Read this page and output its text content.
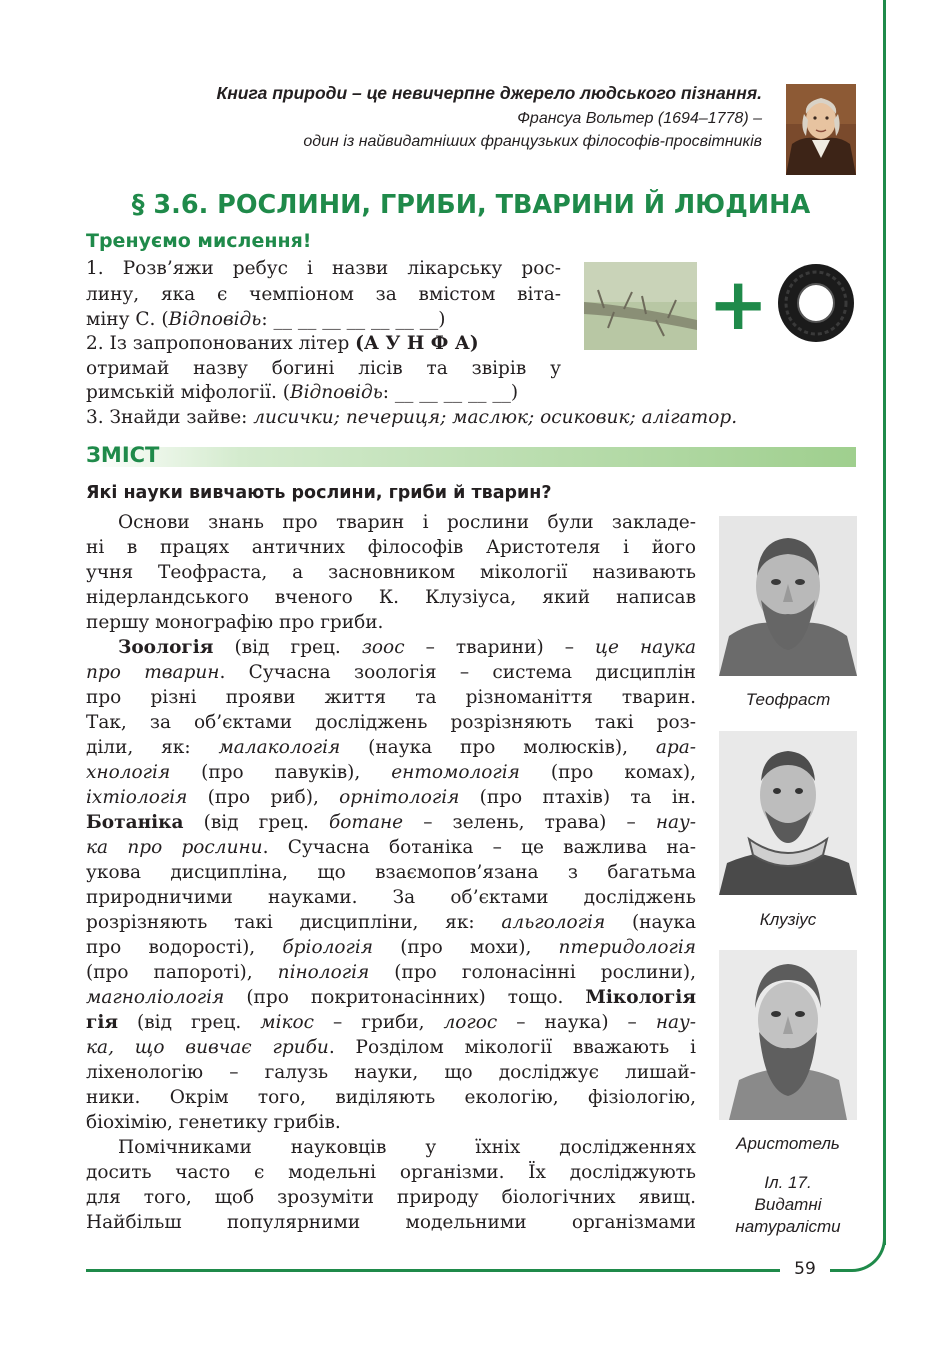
59
Книга природи – це невичерпне джерело людського пізнання.
Франсуа Вольтер (1694–1778) –
один із найвидатніших французьких філософів-просвітників
§ 3.6. РОСЛИНИ, ГРИБИ, ТВАРИНИ Й ЛЮДИНА
Тренуємо мислення!
1. Розв’яжи ребус і назви лікарську рос-
лину, яка є чемпіоном за вмістом віта-
міну С. (Відповідь: __ __ __ __ __ __ __)
2. Із запропонованих літер (А У Н Ф А)
отримай назву богині лісів та звірів у
римській міфології. (Відповідь: __ __ __ __ __)
3. Знайди зайве: лисички; печериця; маслюк; осиковик; алігатор.
+
ЗМІСТ
Які науки вивчають рослини, гриби й тварин?
Основи знань про тварин і рослини були закладе-
ні в працях античних філософів Аристотеля і його
учня Теофраста, а засновником мікології називають
нідерландського вченого К. Клузіуса, який написав
першу монографію про гриби.
Зоологія (від грец. зоос – тварини) – це наука
про тварин. Сучасна зоологія – система дисциплін
про різні прояви життя та різноманіття тварин.
Так, за об’єктами досліджень розрізняють такі роз-
діли, як: малакологія (наука про молюсків), ара-
хнологія (про павуків), ентомологія (про комах),
іхтіологія (про риб), орнітологія (про птахів) та ін.
Ботаніка (від грец. ботане – зелень, трава) – нау-
ка про рослини. Сучасна ботаніка – це важлива на-
укова дисципліна, що взаємопов’язана з багатьма
природничими науками. За об’єктами досліджень
розрізняють такі дисципліни, як: альгологія (наука
про водорості), бріологія (про мохи), птеридологія
(про папороті), пінологія (про голонасінні рослини),
магноліологія (про покритонасінних) тощо. Мікологія
гія (від грец. мікос – гриби, логос – наука) – нау-
ка, що вивчає гриби. Розділом мікології вважають і
ліхенологію – галузь науки, що досліджує лишай-
ники. Окрім того, виділяють екологію, фізіологію,
біохімію, генетику грибів.
Помічниками науковців у їхніх дослідженнях
досить часто є модельні організми. Їх досліджують
для того, щоб зрозуміти природу біологічних явищ.
Найбільш популярними модельними організмами
Теофраст
Клузіус
Аристотель
Іл. 17.
Видатні
натуралісти
